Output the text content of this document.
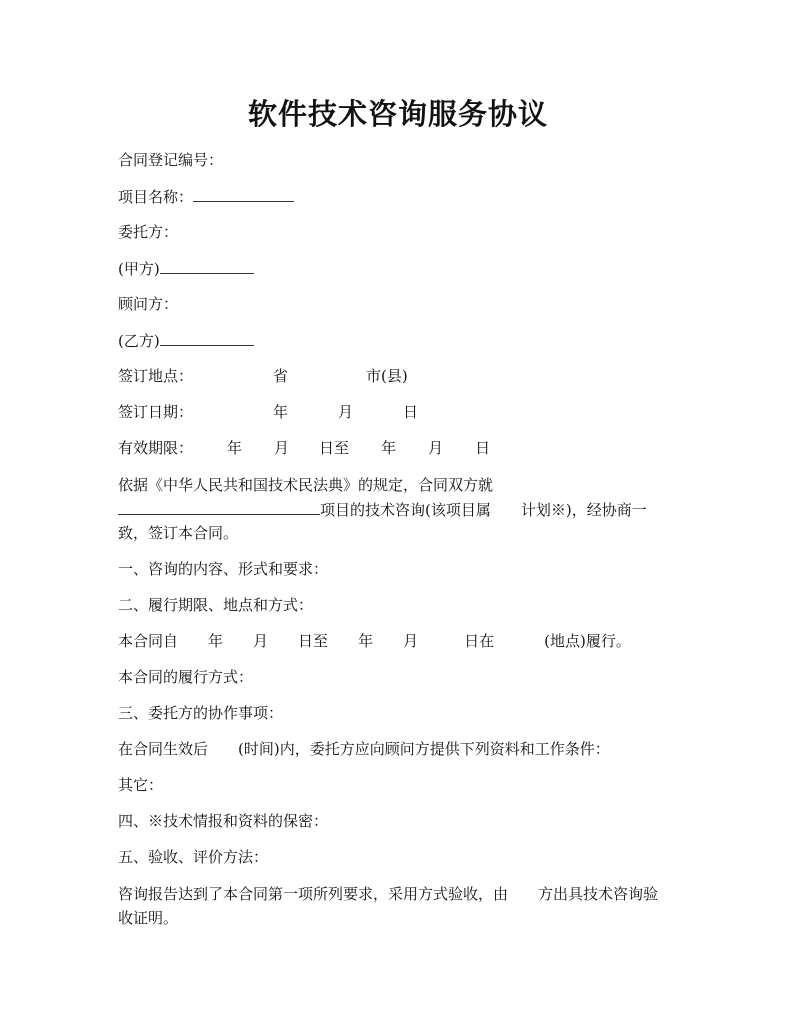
软件技术咨询服务协议
合同登记编号：
项目名称：
委托方：
(甲方)
顾问方：
(乙方)
签订地点：	省	市(县)
签订日期：	年	月	日
有效期限： 年 月 日至 年 月 日
依据《中华人民共和国技术民法典》的规定，合同双方就
项目的技术咨询(该项目属 计划※)，经协商一
致，签订本合同。
一、咨询的内容、形式和要求：
二、履行期限、地点和方式：
本合同自 年 月 日至 年 月	日在	(地点)履行。
本合同的履行方式：
三、委托方的协作事项：
在合同生效后 (时间)内，委托方应向顾问方提供下列资料和工作条件：
其它：
四、※技术情报和资料的保密：
五、验收、评价方法：
咨询报告达到了本合同第一项所列要求，采用方式验收，由 方出具技术咨询验
收证明。
